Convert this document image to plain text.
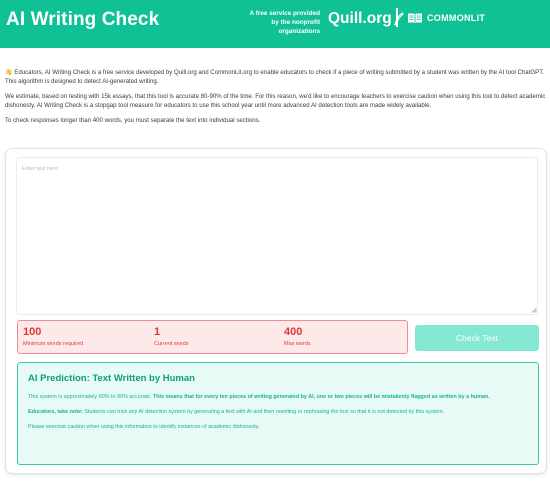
AI Writing Check	A free service provided
by the nonprofit organizations
Quill.org	COMMONLIT

👋 Educators, AI Writing Check is a free service developed by Quill.org and CommonLit.org to enable educators to check if a piece of writing submitted by a student was written by the AI tool ChatGPT. This algorithm is designed to detect AI-generated writing.

We estimate, based on testing with 15k essays, that this tool is accurate 80-90% of the time. For this reason, we'd like to encourage teachers to exercise caution when using this tool to detect academic dishonesty. AI Writing Check is a stopgap tool measure for educators to use this school year until more advanced AI detection tools are made widely available.

To check responses longer than 400 words, you must separate the text into individual sections.

Enter text here
100
Minimum words required
1
Current words
400
Max words
Check Text
AI Prediction: Text Written by Human

This system is approximately 80% to 90% accurate. This means that for every ten pieces of writing generated by AI, one or two pieces will be mistakenly flagged as written by a human.

Educators, take note: Students can trick any AI detection system by generating a text with AI and then rewriting or rephrasing the text so that it is not detected by this system.

Please exercise caution when using this information to identify instances of academic dishonesty.
